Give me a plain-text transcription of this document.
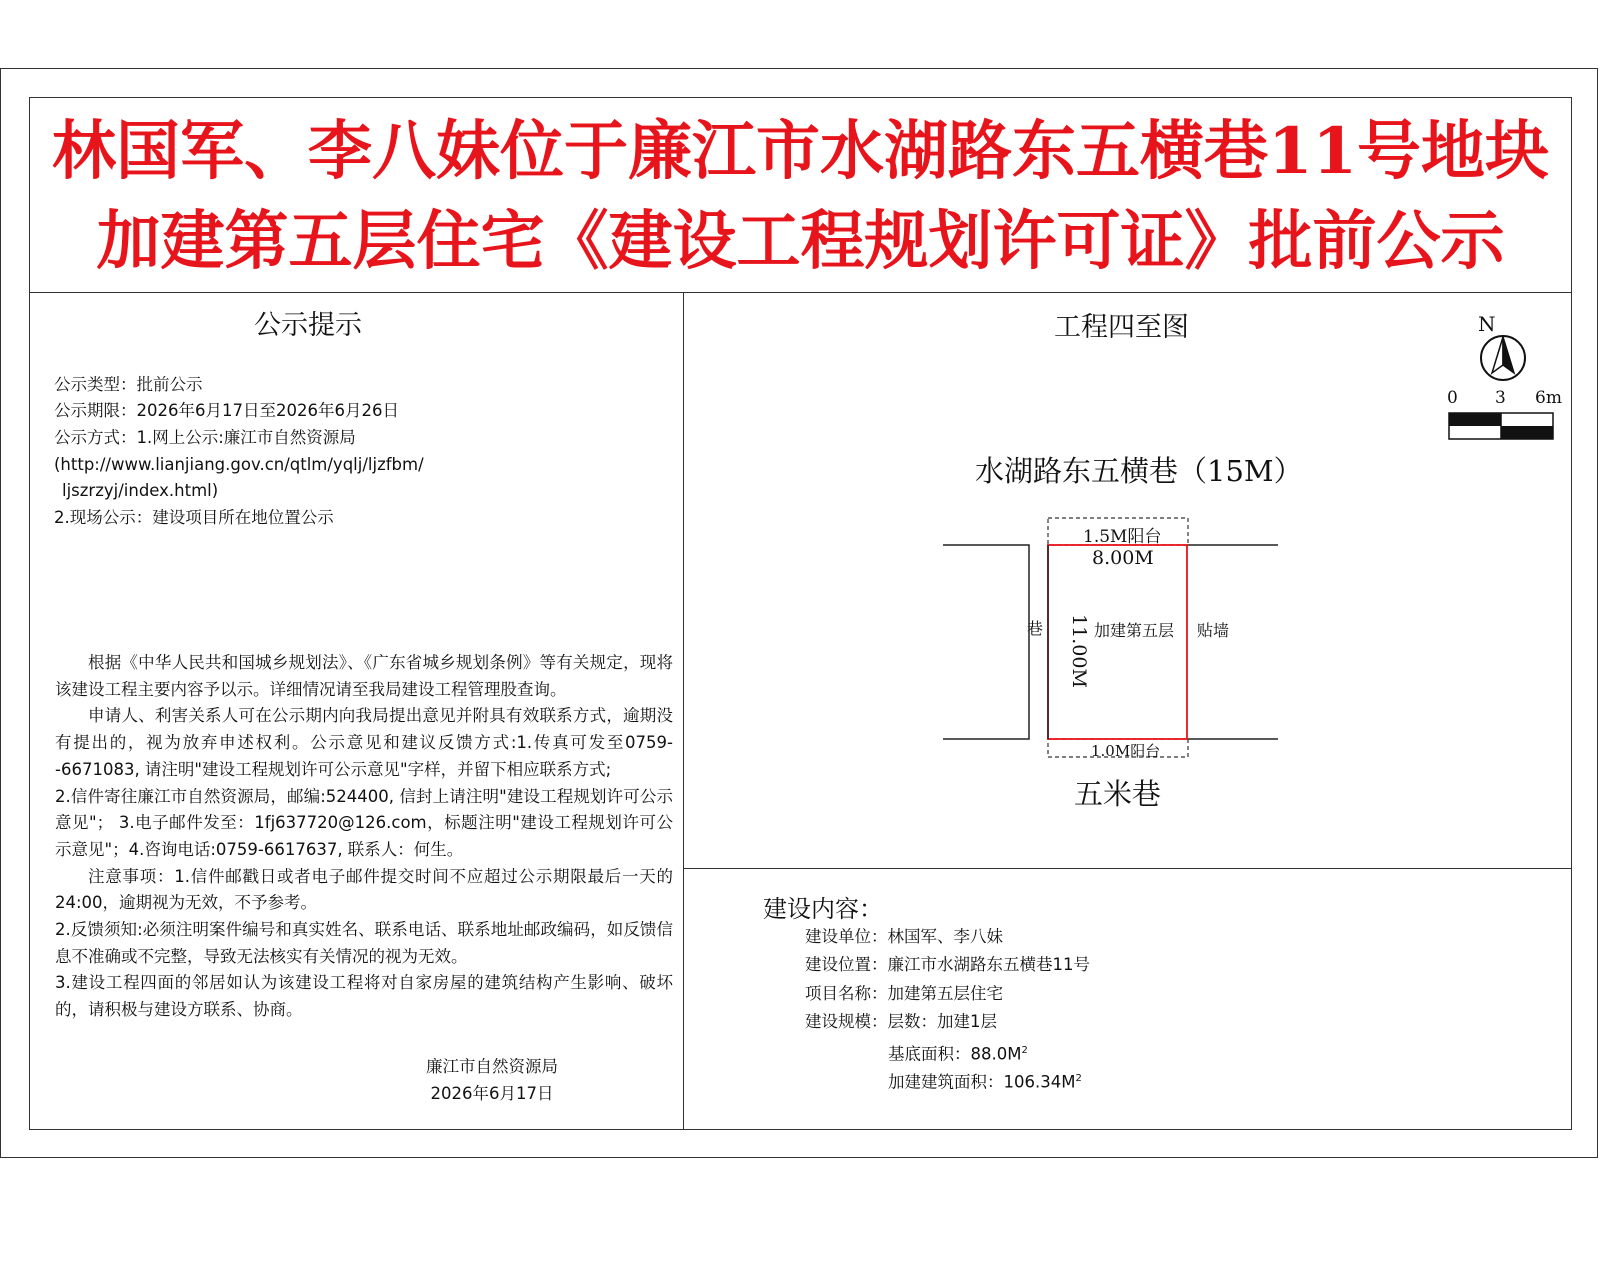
林国军、李八妹位于廉江市水湖路东五横巷11号地块
加建第五层住宅《建设工程规划许可证》批前公示
公示提示
公示类型：批前公示
公示期限：2026年6月17日至2026年6月26日
公示方式：1.网上公示:廉江市自然资源局
(http://www.lianjiang.gov.cn/qtlm/yqlj/ljzfbm/
ljszrzyj/index.html)
2.现场公示：建设项目所在地位置公示

根据《中华人民共和国城乡规划法》、《广东省城乡规划条例》等有关规定，现将该建设工程主要内容予以示。详细情况请至我局建设工程管理股查询。

申请人、利害关系人可在公示期内向我局提出意见并附具有效联系方式，逾期没有提出的，视为放弃申述权利。公示意见和建议反馈方式:1.传真可发至0759--6671083, 请注明"建设工程规划许可公示意见"字样，并留下相应联系方式;

2.信件寄往廉江市自然资源局，邮编:524400, 信封上请注明"建设工程规划许可公示意见"； 3.电子邮件发至：1fj637720@126.com，标题注明"建设工程规划许可公示意见"；4.咨询电话:0759-6617637, 联系人：何生。

注意事项：1.信件邮戳日或者电子邮件提交时间不应超过公示期限最后一天的24:00，逾期视为无效，不予参考。

2.反馈须知:必须注明案件编号和真实姓名、联系电话、联系地址邮政编码，如反馈信息不准确或不完整，导致无法核实有关情况的视为无效。

3.建设工程四面的邻居如认为该建设工程将对自家房屋的建筑结构产生影响、破坏的，请积极与建设方联系、协商。

廉江市自然资源局
2026年6月17日
工程四至图	N
0 3 6m
水湖路东五横巷（15M）
五米巷
1.5M阳台
8.00M
11.00M 加建第五层
巷	贴墙
1.0M阳台
建设内容：
建设单位：林国军、李八妹
建设位置：廉江市水湖路东五横巷11号
项目名称：加建第五层住宅
建设规模：层数：加建1层
基底面积：$88.0M^2$
加建建筑面积：$106.34M^2$
